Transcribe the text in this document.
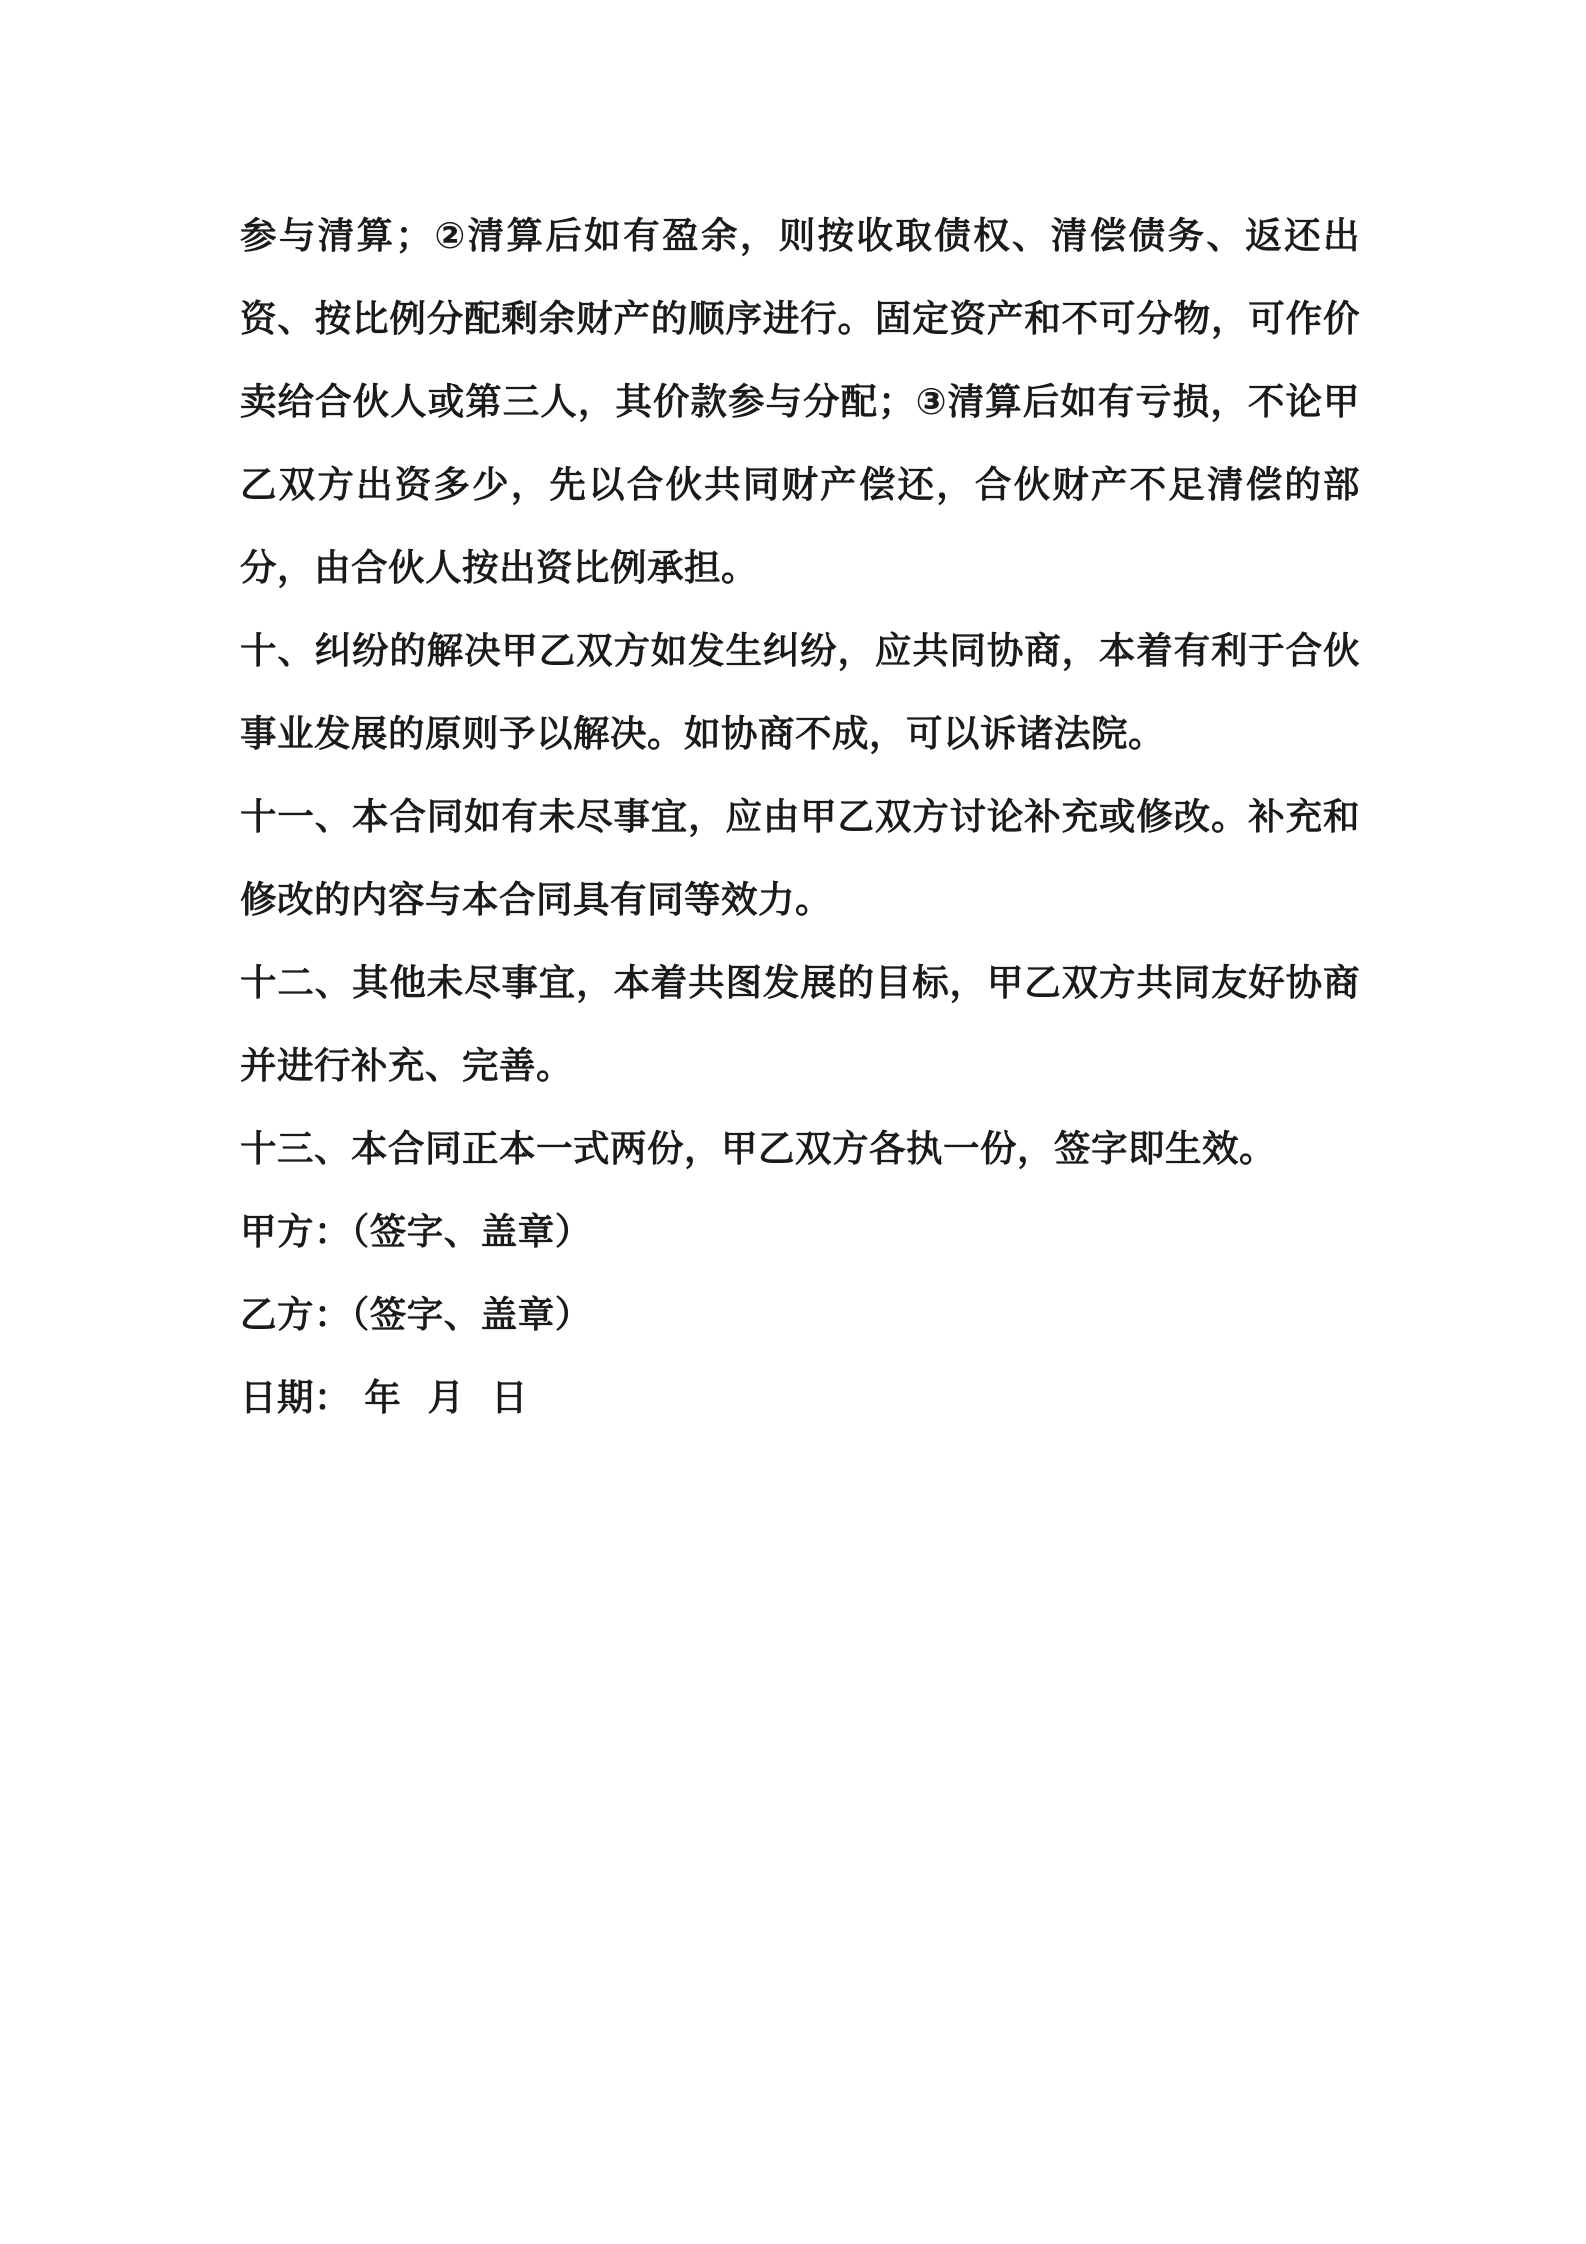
参与清算；②清算后如有盈余，则按收取债权、清偿债务、返还出资、按比例分配剩余财产的顺序进行。固定资产和不可分物，可作价卖给合伙人或第三人，其价款参与分配；③清算后如有亏损，不论甲乙双方出资多少，先以合伙共同财产偿还，合伙财产不足清偿的部分，由合伙人按出资比例承担。

十、纠纷的解决甲乙双方如发生纠纷，应共同协商，本着有利于合伙事业发展的原则予以解决。如协商不成，可以诉诸法院。

十一、本合同如有未尽事宜，应由甲乙双方讨论补充或修改。补充和修改的内容与本合同具有同等效力。

十二、其他未尽事宜，本着共图发展的目标，甲乙双方共同友好协商并进行补充、完善。

十三、本合同正本一式两份，甲乙双方各执一份，签字即生效。

甲方：（签字、盖章）

乙方：（签字、盖章）

日期： 年  月  日
